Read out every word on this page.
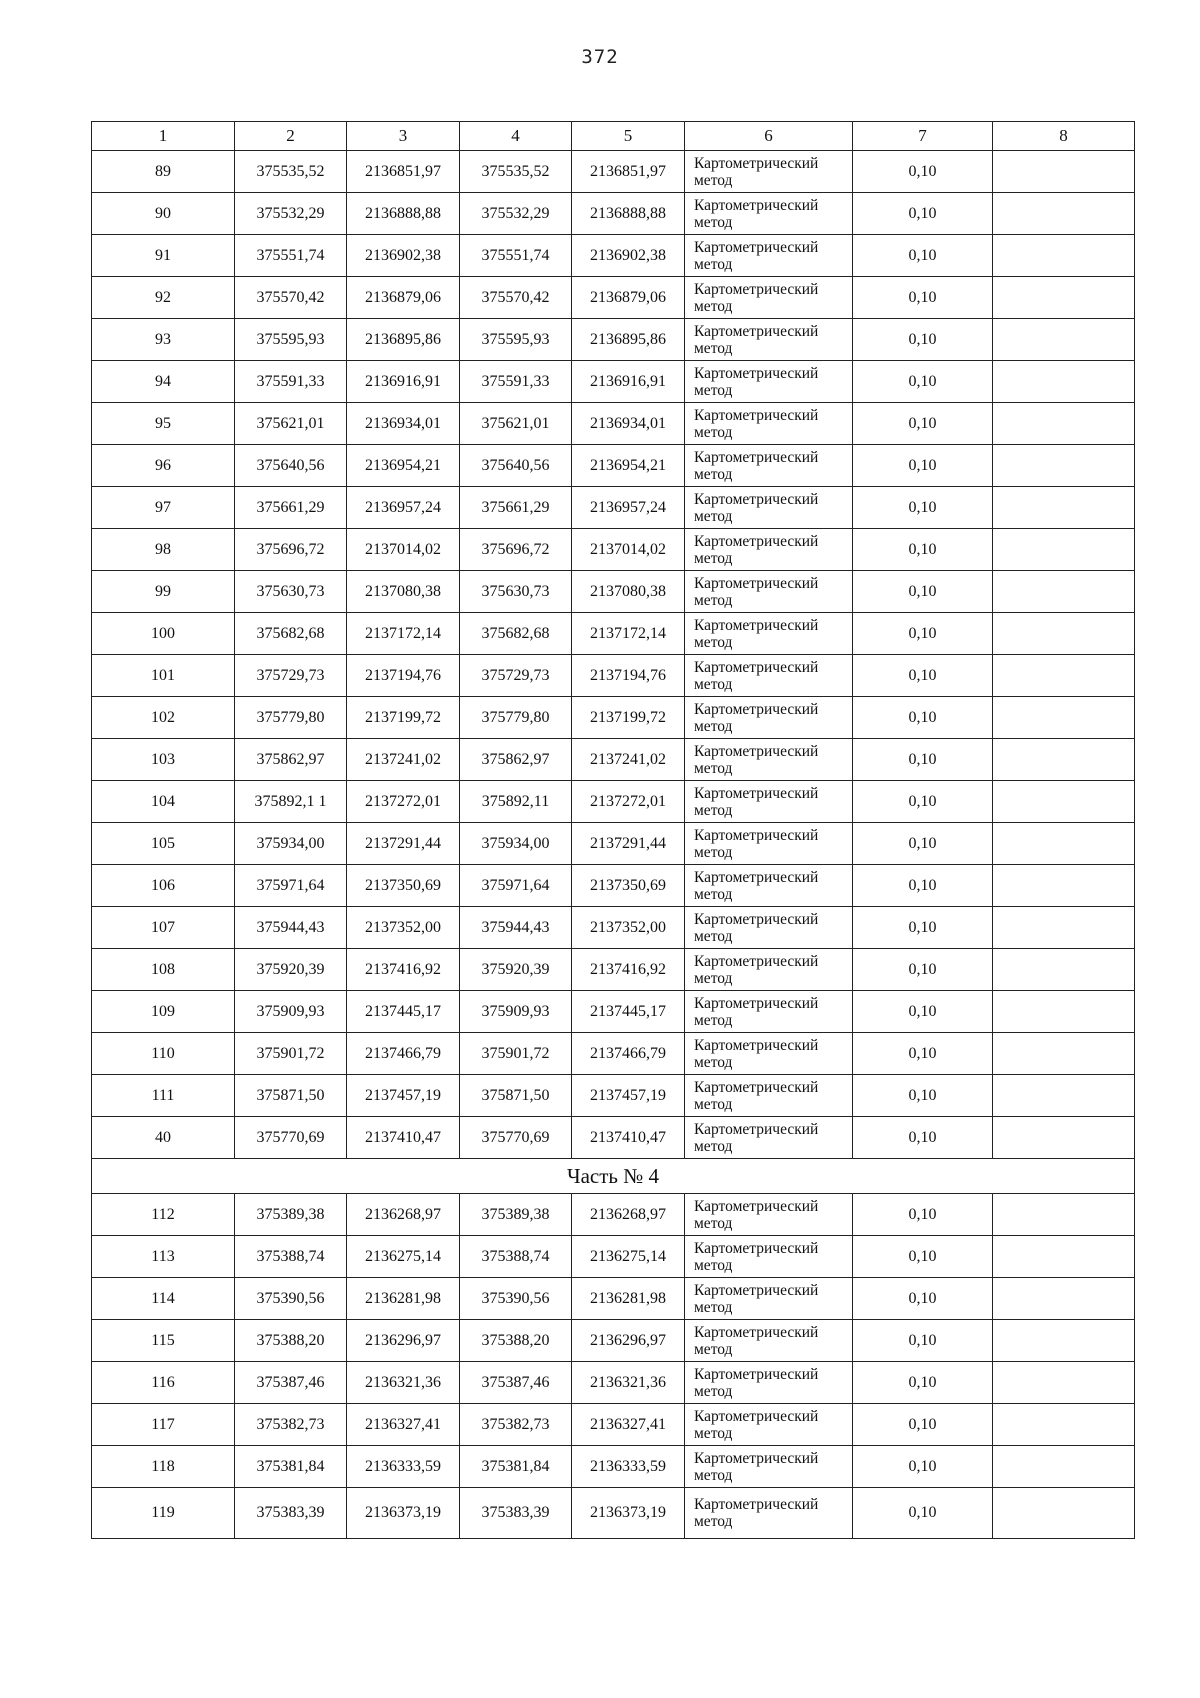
372
1	2	3	4	5	6	7	8
89	375535,52	2136851,97	375535,52	2136851,97	Картометрический метод	0,10	
90	375532,29	2136888,88	375532,29	2136888,88	Картометрический метод	0,10	
91	375551,74	2136902,38	375551,74	2136902,38	Картометрический метод	0,10	
92	375570,42	2136879,06	375570,42	2136879,06	Картометрический метод	0,10	
93	375595,93	2136895,86	375595,93	2136895,86	Картометрический метод	0,10	
94	375591,33	2136916,91	375591,33	2136916,91	Картометрический метод	0,10	
95	375621,01	2136934,01	375621,01	2136934,01	Картометрический метод	0,10	
96	375640,56	2136954,21	375640,56	2136954,21	Картометрический метод	0,10	
97	375661,29	2136957,24	375661,29	2136957,24	Картометрический метод	0,10	
98	375696,72	2137014,02	375696,72	2137014,02	Картометрический метод	0,10	
99	375630,73	2137080,38	375630,73	2137080,38	Картометрический метод	0,10	
100	375682,68	2137172,14	375682,68	2137172,14	Картометрический метод	0,10	
101	375729,73	2137194,76	375729,73	2137194,76	Картометрический метод	0,10	
102	375779,80	2137199,72	375779,80	2137199,72	Картометрический метод	0,10	
103	375862,97	2137241,02	375862,97	2137241,02	Картометрический метод	0,10	
104	375892,1 1	2137272,01	375892,11	2137272,01	Картометрический метод	0,10	
105	375934,00	2137291,44	375934,00	2137291,44	Картометрический метод	0,10	
106	375971,64	2137350,69	375971,64	2137350,69	Картометрический метод	0,10	
107	375944,43	2137352,00	375944,43	2137352,00	Картометрический метод	0,10	
108	375920,39	2137416,92	375920,39	2137416,92	Картометрический метод	0,10	
109	375909,93	2137445,17	375909,93	2137445,17	Картометрический метод	0,10	
110	375901,72	2137466,79	375901,72	2137466,79	Картометрический метод	0,10	
111	375871,50	2137457,19	375871,50	2137457,19	Картометрический метод	0,10	
40	375770,69	2137410,47	375770,69	2137410,47	Картометрический метод	0,10	
Часть № 4							
112	375389,38	2136268,97	375389,38	2136268,97	Картометрический метод	0,10	
113	375388,74	2136275,14	375388,74	2136275,14	Картометрический метод	0,10	
114	375390,56	2136281,98	375390,56	2136281,98	Картометрический метод	0,10	
115	375388,20	2136296,97	375388,20	2136296,97	Картометрический метод	0,10	
116	375387,46	2136321,36	375387,46	2136321,36	Картометрический метод	0,10	
117	375382,73	2136327,41	375382,73	2136327,41	Картометрический метод	0,10	
118	375381,84	2136333,59	375381,84	2136333,59	Картометрический метод	0,10	
119	375383,39	2136373,19	375383,39	2136373,19	Картометрический метод	0,10	
